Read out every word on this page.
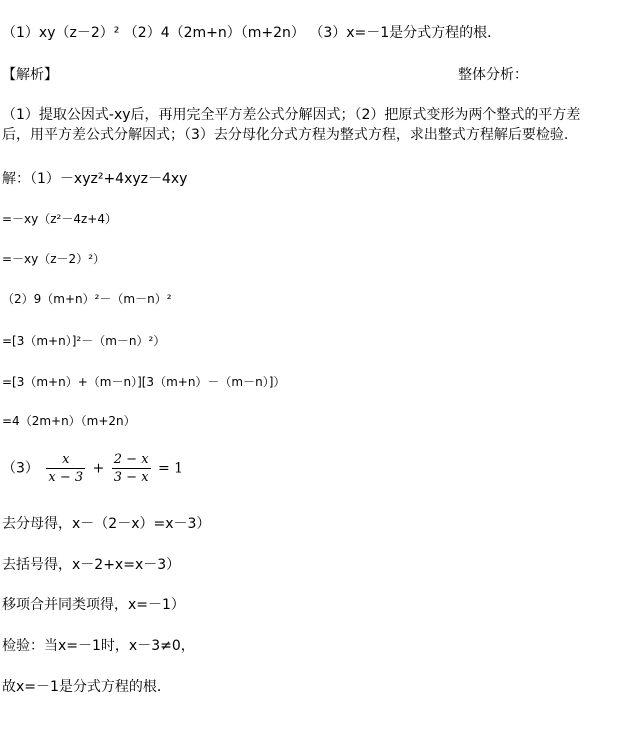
（1）xy（z－2）² （2）4（2m+n）（m+2n） （3）x=－1是分式方程的根．
【解析】	整体分析：
（1）提取公因式-xy后，再用完全平方差公式分解因式；（2）把原式变形为两个整式的平方差
后，用平方差公式分解因式；（3）去分母化分式方程为整式方程，求出整式方程解后要检验.
解：（1）－xyz²+4xyz－4xy
=－xy（z²－4z+4）
=－xy（z－2）²）
（2）9（m+n）²－（m－n）²
=[3（m+n）]²－（m－n）²）
=[3（m+n）+（m－n）][3（m+n）－（m－n）]）
=4（2m+n）（m+2n）
$(3) \frac{x}{x - 3} + \frac{2 - x}{3 - x} = 1$
去分母得，x－（2－x）=x－3）
去括号得，x－2+x=x－3）
移项合并同类项得，x=－1）
检验：当x=－1时，x－3≠0，
故x=－1是分式方程的根．
